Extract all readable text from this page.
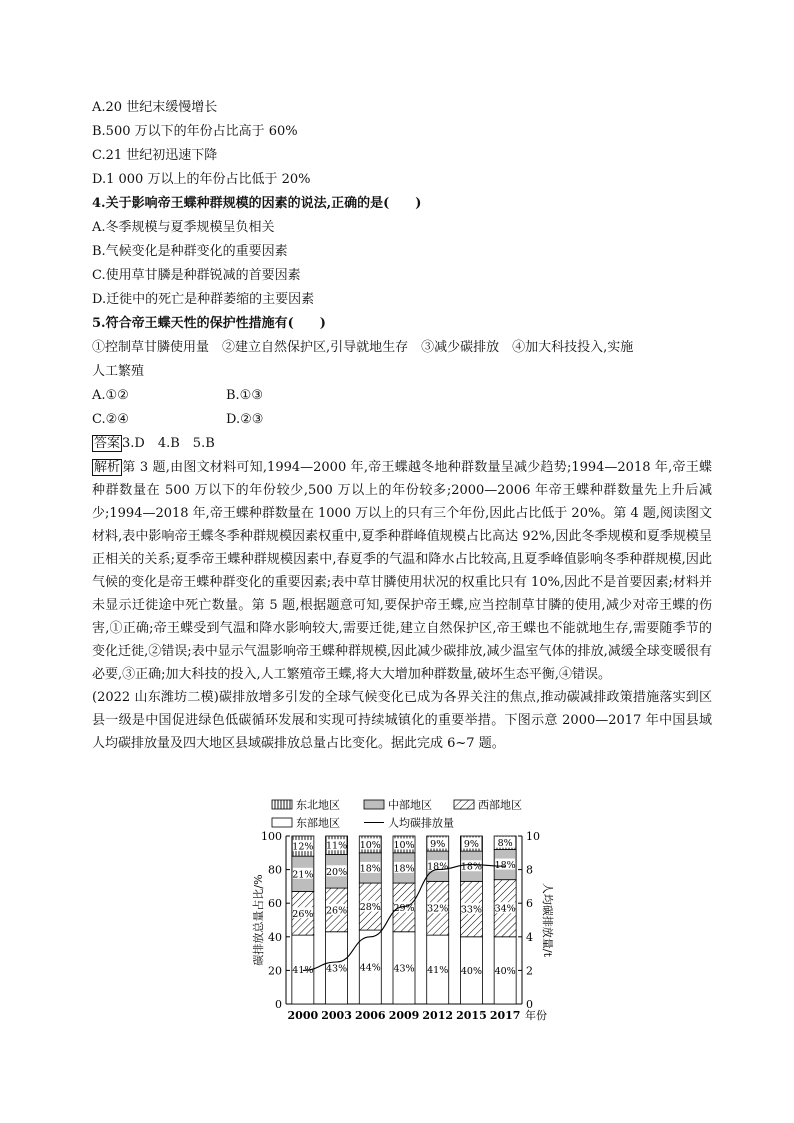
A.20 世纪末缓慢增长
B.500 万以下的年份占比高于 60%
C.21 世纪初迅速下降
D.1 000 万以上的年份占比低于 20%
4.关于影响帝王蝶种群规模的因素的说法,正确的是(　　)
A.冬季规模与夏季规模呈负相关
B.气候变化是种群变化的重要因素
C.使用草甘膦是种群锐减的首要因素
D.迁徙中的死亡是种群萎缩的主要因素
5.符合帝王蝶天性的保护性措施有(　　)
①控制草甘膦使用量　②建立自然保护区,引导就地生存　③减少碳排放　④加大科技投入,实施
人工繁殖
A.①②	B.①③
C.②④	D.②③
答案 3.D　4.B　5.B
解析 第 3 题,由图文材料可知,1994—2000 年,帝王蝶越冬地种群数量呈减少趋势;1994—2018 年,帝王蝶种群数量在 500 万以下的年份较少,500 万以上的年份较多;2000—2006 年帝王蝶种群数量先上升后减少;1994—2018 年,帝王蝶种群数量在 1000 万以上的只有三个年份,因此占比低于 20%。第 4 题,阅读图文材料,表中影响帝王蝶冬季种群规模因素权重中,夏季种群峰值规模占比高达 92%,因此冬季规模和夏季规模呈正相关的关系;夏季帝王蝶种群规模因素中,春夏季的气温和降水占比较高,且夏季峰值影响冬季种群规模,因此气候的变化是帝王蝶种群变化的重要因素;表中草甘膦使用状况的权重比只有 10%,因此不是首要因素;材料并未显示迁徙途中死亡数量。第 5 题,根据题意可知,要保护帝王蝶,应当控制草甘膦的使用,减少对帝王蝶的伤害,①正确;帝王蝶受到气温和降水影响较大,需要迁徙,建立自然保护区,帝王蝶也不能就地生存,需要随季节的变化迁徙,②错误;表中显示气温影响帝王蝶种群规模,因此减少碳排放,减少温室气体的排放,减缓全球变暖很有必要,③正确;加大科技的投入,人工繁殖帝王蝶,将大大增加种群数量,破坏生态平衡,④错误。
(2022 山东潍坊二模)碳排放增多引发的全球气候变化已成为各界关注的焦点,推动碳减排政策措施落实到区县一级是中国促进绿色低碳循环发展和实现可持续城镇化的重要举措。下图示意 2000—2017 年中国县域人均碳排放量及四大地区县域碳排放总量占比变化。据此完成 6~7 题。
东北地区	中部地区	西部地区
东部地区	人均碳排放量
0
20
40
60
80
100
0
2
4
6
8
10
碳排放总量占比/%	人均碳排放量/t
41%
26%
21%
12%
2000
43%
26%
20%
11%
2003
44%
28%
18%
10%
2006
43%
29%
18%
10%
2009
41%
32%
18%
9%
2012
40%
33%
18%
9%
2015
40%
34%
18%
8%
2017 年份
